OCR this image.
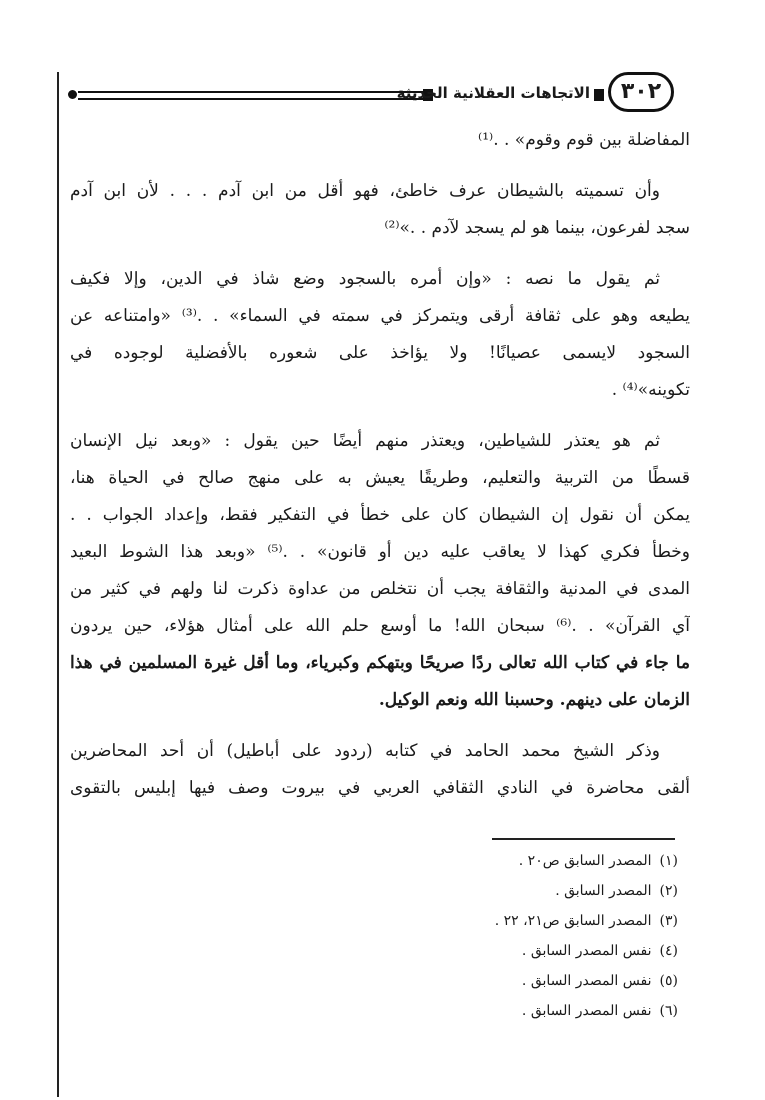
الاتجاهات العقلانية الحديثة	٣٠٢
المفاضلة بين قوم وقوم» . .⁽¹⁾
وأن تسميته بالشيطان عرف خاطئ، فهو أقل من ابن آدم . . . لأن ابن آدم
سجد لفرعون، بينما هو لم يسجد لآدم . .»⁽²⁾
ثم يقول ما نصه : «وإن أمره بالسجود وضع شاذ في الدين، وإلا فكيف
يطيعه وهو على ثقافة أرقى ويتمركز في سمته في السماء» . .⁽³⁾ «وامتناعه عن
السجود لايسمى عصيانًا! ولا يؤاخذ على شعوره بالأفضلية لوجوده في
تكوينه»⁽⁴⁾ .
ثم هو يعتذر للشياطين، ويعتذر منهم أيضًا حين يقول : «وبعد نيل الإنسان
قسطًا من التربية والتعليم، وطريقًا يعيش به على منهج صالح في الحياة هنا،
يمكن أن نقول إن الشيطان كان على خطأ في التفكير فقط، وإعداد الجواب . .
وخطأ فكري كهذا لا يعاقب عليه دين أو قانون» . .⁽⁵⁾ «وبعد هذا الشوط البعيد
المدى في المدنية والثقافة يجب أن نتخلص من عداوة ذكرت لنا ولهم في كثير من
آي القرآن» . .⁽⁶⁾ سبحان الله! ما أوسع حلم الله على أمثال هؤلاء، حين يردون
ما جاء في كتاب الله تعالى ردًا صريحًا وبتهكم وكبرياء، وما أقل غيرة المسلمين في هذا
الزمان على دينهم. وحسبنا الله ونعم الوكيل.
وذكر الشيخ محمد الحامد في كتابه (ردود على أباطيل) أن أحد المحاضرين
ألقى محاضرة في النادي الثقافي العربي في بيروت وصف فيها إبليس بالتقوى
(١)المصدر السابق ص٢٠ .
(٢)المصدر السابق .
(٣)المصدر السابق ص٢١، ٢٢ .
(٤)نفس المصدر السابق .
(٥)نفس المصدر السابق .
(٦)نفس المصدر السابق .
